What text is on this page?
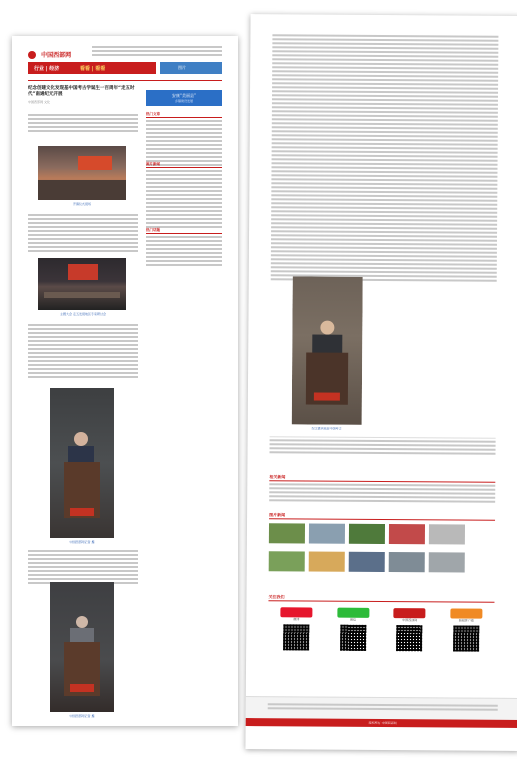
中国西部网
行业 | 经济	看看 | 看看	图片
纪念创建文化发现基中国考古学诞生一百周年“走五时代”南通纪元开展
中国西部网 文化
开幕仪式现场
主题大会 走五发现地区专家研讨会
中国西部网记者 摄
中国西部网记者 摄
安康“美丽县”
乡镇建设发展
热门文章
图片新闻
热门话题
纪念嘉宾致辞中国考古
相关新闻
图片新闻
关注我们
微博	微信	中国西部网	新闻客户端
版权所有 中国西部网
